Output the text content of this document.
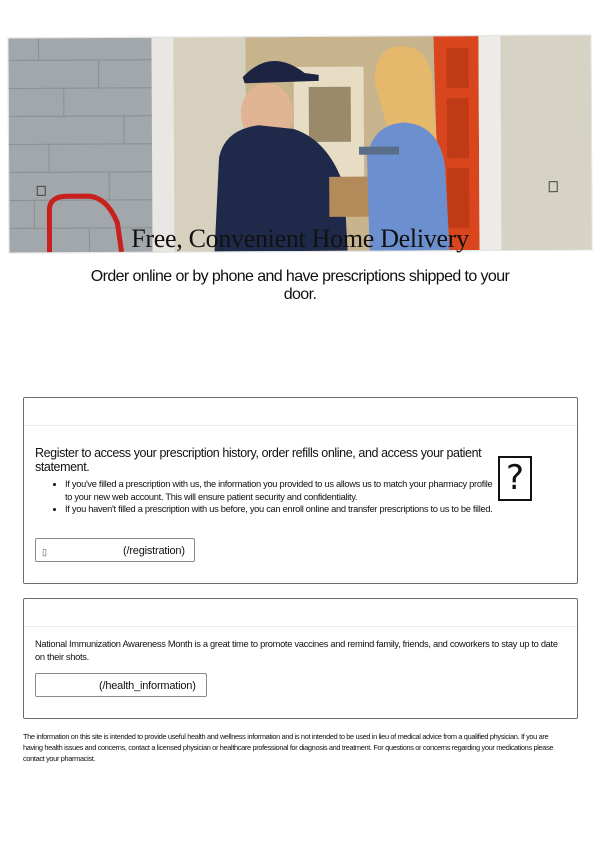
Free, Convenient Home Delivery
Order online or by phone and have prescriptions shipped to your door.
Register to access your prescription history, order refills online, and access your patient statement.
• If you've filled a prescription with us, the information you provided to us allows us to match your pharmacy profile to your new web account. This will ensure patient security and confidentiality.
• If you haven't filled a prescription with us before, you can enroll online and transfer prescriptions to us to be filled.
?
▯	(/registration)
National Immunization Awareness Month is a great time to promote vaccines and remind family, friends, and coworkers to stay up to date on their shots.
(/health_information)
The information on this site is intended to provide useful health and wellness information and is not intended to be used in lieu of medical advice from a qualified physician. If you are having health issues and concerns, contact a licensed physician or healthcare professional for diagnosis and treatment. For questions or concerns regarding your medications please contact your pharmacist.
